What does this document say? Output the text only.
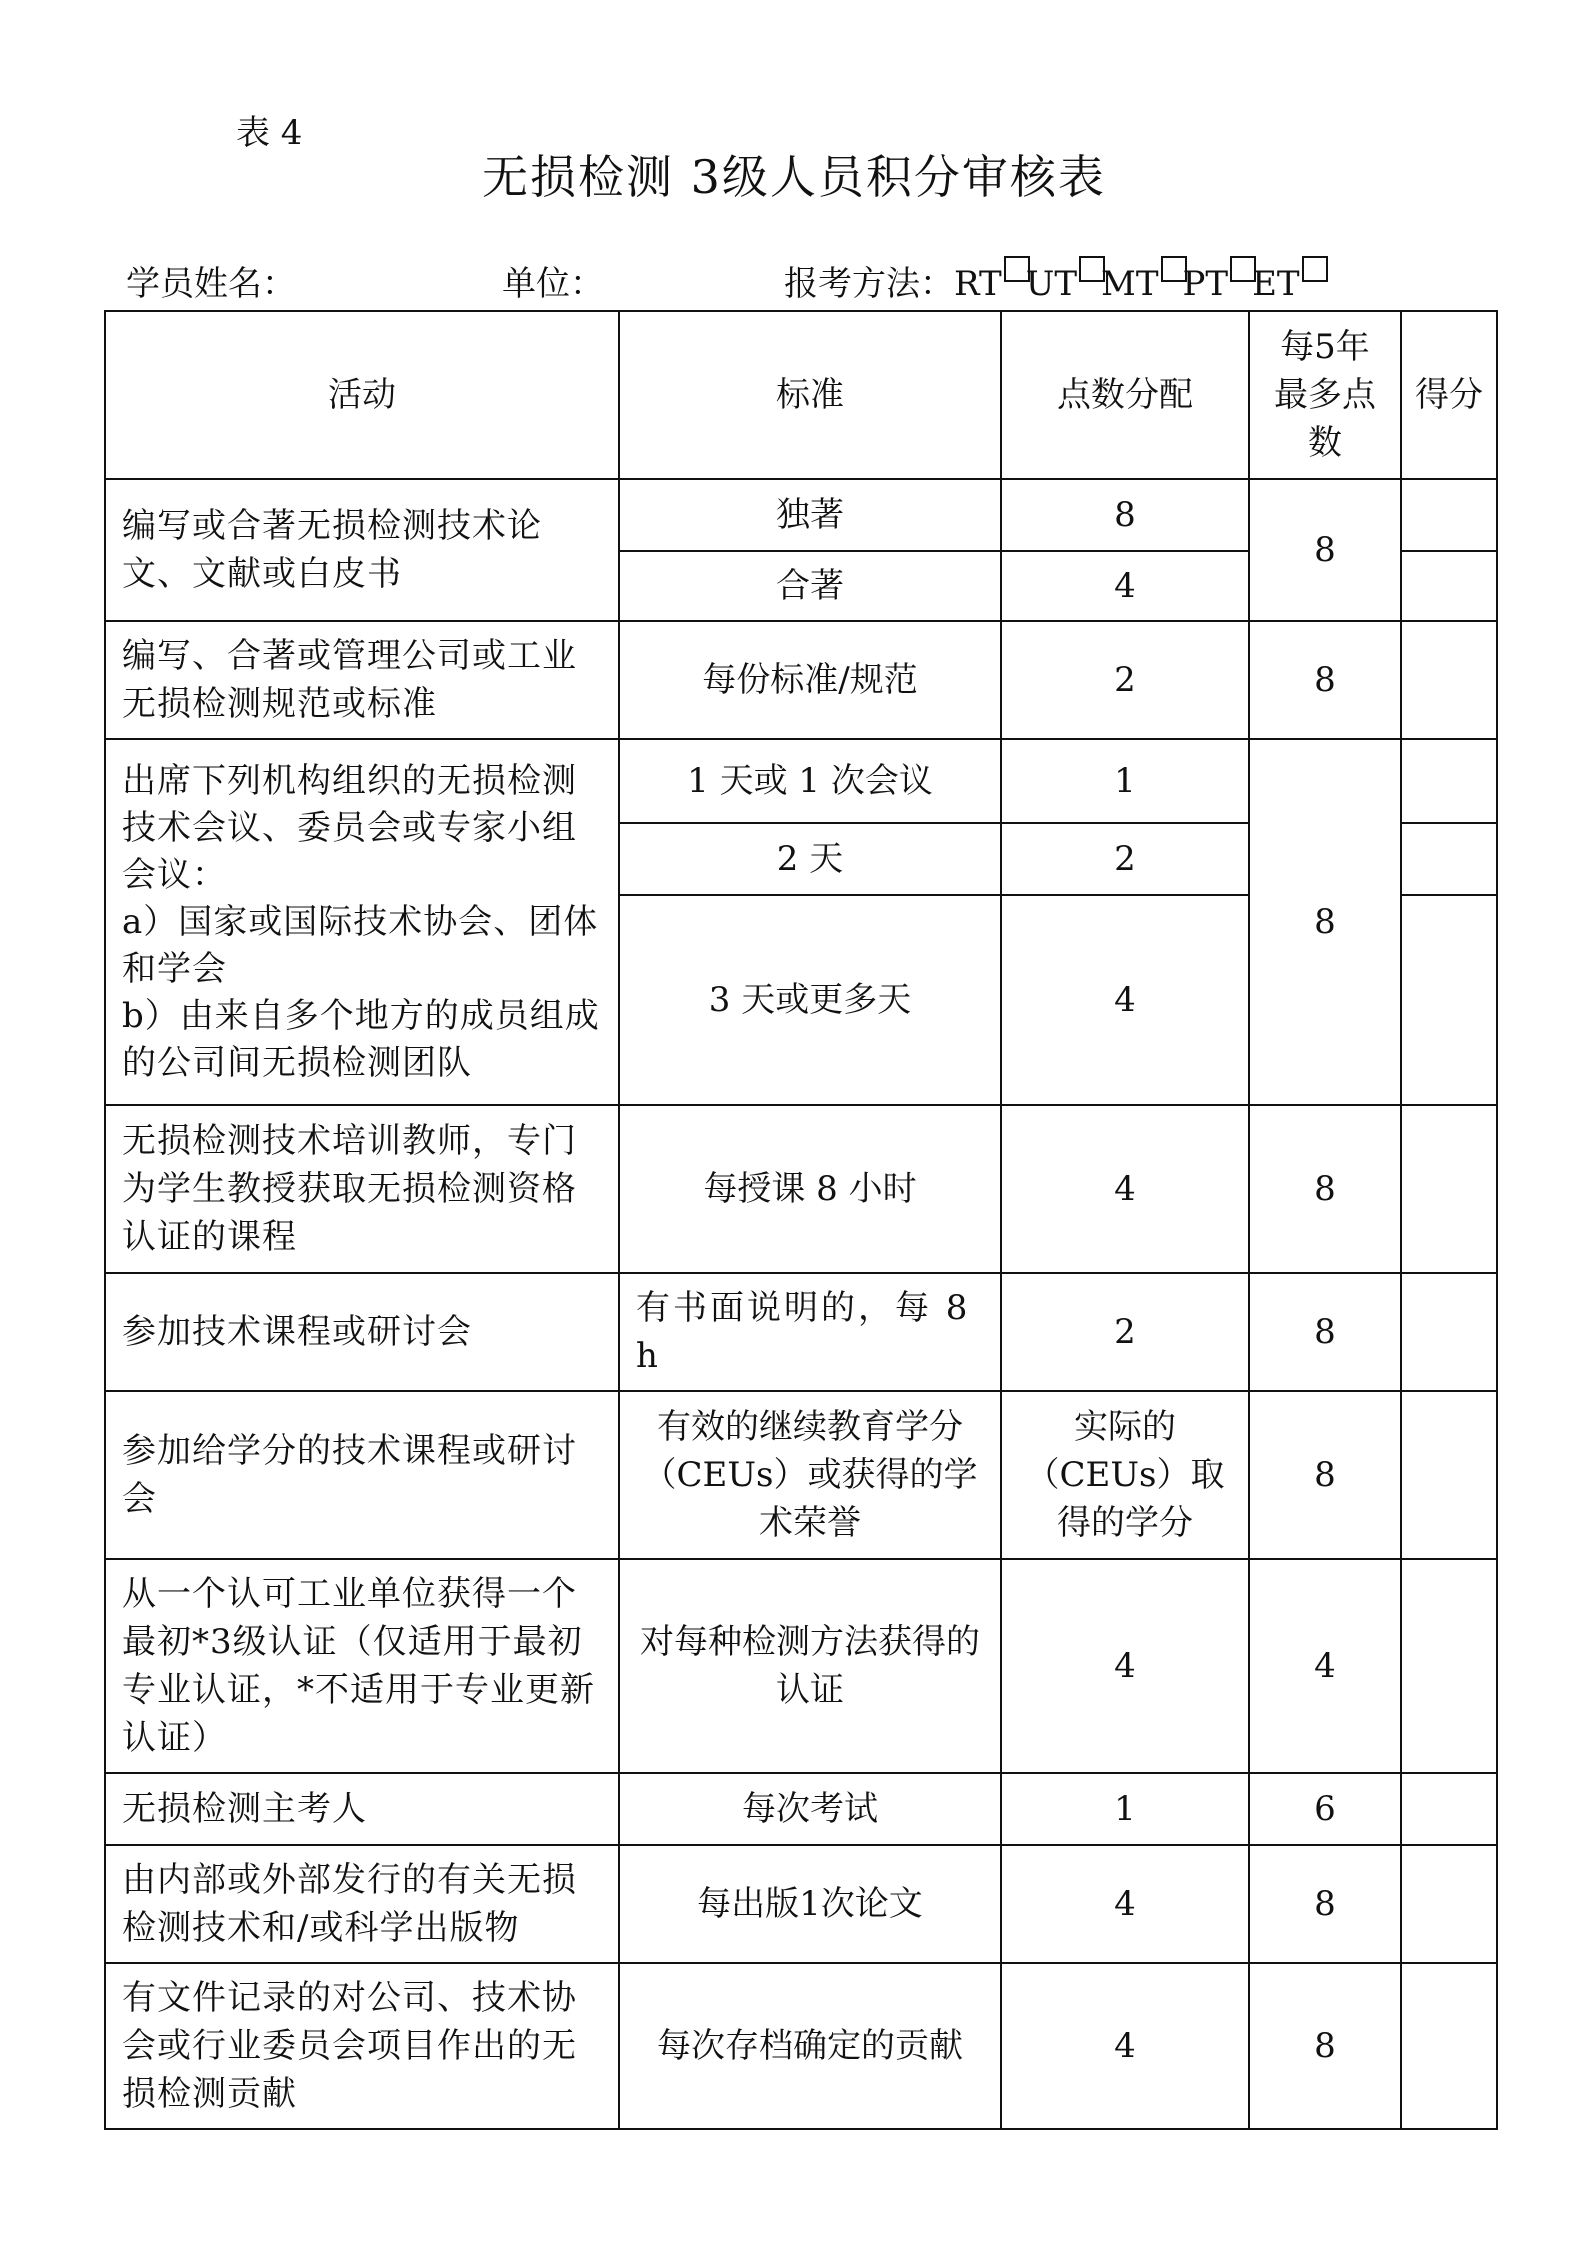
表 4
无损检测 3级人员积分审核表
学员姓名：	单位：	报考方法：RT UT MT PT ET
活动	标准	点数分配	每5年最多点数	得分
编写或合著无损检测技术论文、文献或白皮书	独著	8	8	
	合著	4		
编写、合著或管理公司或工业无损检测规范或标准	每份标准/规范	2	8	

出席下列机构组织的无损检测技术会议、委员会或专家小组会议：
a）国家或国际技术协会、团体和学会
b）由来自多个地方的成员组成的公司间无损检测团队	1 天或 1 次会议	1	8	
	2 天	2		
	3 天或更多天	4		
无损检测技术培训教师，专门为学生教授获取无损检测资格认证的课程	每授课 8 小时	4	8	
参加技术课程或研讨会	有书面说明的，每 8 h	2	8	
参加给学分的技术课程或研讨会	有效的继续教育学分（CEUs）或获得的学术荣誉	实际的（CEUs）取得的学分	8	
从一个认可工业单位获得一个最初*3级认证（仅适用于最初专业认证，*不适用于专业更新认证）	对每种检测方法获得的认证	4	4	
无损检测主考人	每次考试	1	6	
由内部或外部发行的有关无损检测技术和/或科学出版物	每出版1次论文	4	8	
有文件记录的对公司、技术协会或行业委员会项目作出的无损检测贡献	每次存档确定的贡献	4	8	
